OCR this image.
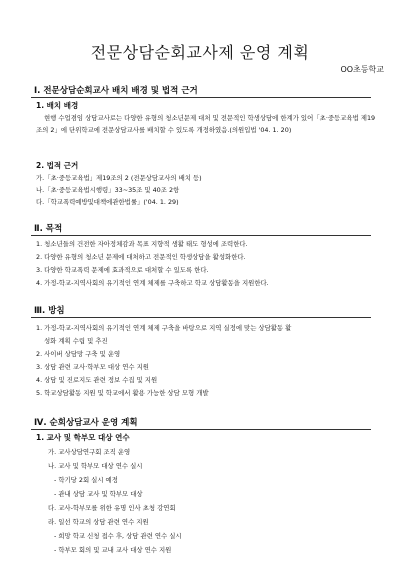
전문상담순회교사제 운영 계획
OO초등학교
Ⅰ. 전문상담순회교사 배치 배경 및 법적 근거
1. 배치 배경
현행 수업겸임 상담교사로는 다양한 유형의 청소년문제 대처 및 전문적인 학생상담에 한계가 있어「초·중등교육법 제19조의 2」에 단위학교에 전문상담교사를 배치할 수 있도록 개정하였음.(의원입법 '04. 1. 20)
2. 법적 근거
가.「초·중등교육법」제19조의 2 (전문상담교사의 배치 등)
나.「초·중등교육법시행령」33~35조 및 40조 2항
다.「학교폭력예방및대책에관한법률」('04. 1. 29)
Ⅱ. 목적
1. 청소년들의 건전한 자아정체감과 목표 지향적 생활 태도 형성에 조력한다.
2. 다양한 유형의 청소년 문제에 대처하고 전문적인 학생상담을 활성화한다.
3. 다양한 학교폭력 문제에 효과적으로 대처할 수 있도록 한다.
4. 가정-학교-지역사회의 유기적인 연계 체제를 구축하고 학교 상담활동을 지원한다.
Ⅲ. 방침
1. 가정-학교-지역사회의 유기적인 연계 체제 구축을 바탕으로 지역 실정에 맞는 상담활동 활
성화 계획 수립 및 추진
2. 사이버 상담망 구축 및 운영
3. 상담 관련 교사·학부모 대상 연수 지원
4. 상담 및 진로지도 관련 정보 수집 및 지원
5. 학교상담활동 지원 및 학교에서 활용 가능한 상담 모형 개발
Ⅳ. 순회상담교사 운영 계획
1. 교사 및 학부모 대상 연수
가. 교사상담연구회 조직 운영
나. 교사 및 학부모 대상 연수 실시
- 학기당 2회 실시 예정
- 관내 상담 교사 및 학부모 대상
다. 교사-학부모를 위한 유명 인사 초청 강연회
라. 일선 학교의 상담 관련 연수 지원
- 희망 학교 신청 접수 후, 상담 관련 연수 실시
- 학부모 회의 및 교내 교사 대상 연수 지원
